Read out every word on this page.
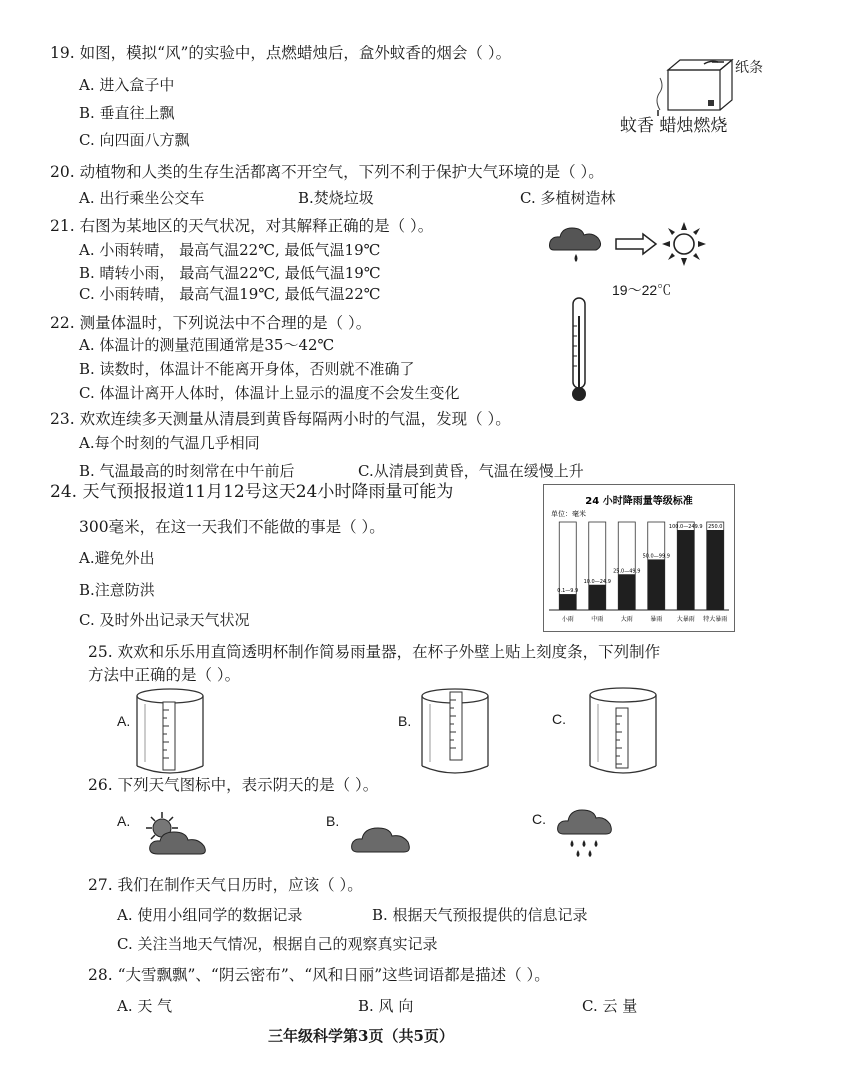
19. 如图，模拟“风”的实验中，点燃蜡烛后，盒外蚊香的烟会（ ）。
A. 进入盒子中
B. 垂直往上飘
C. 向四面八方飘
纸条
蚊香 蜡烛燃烧
20. 动植物和人类的生存生活都离不开空气，下列不利于保护大气环境的是（ ）。
A. 出行乘坐公交车	B.焚烧垃圾	C. 多植树造林
21. 右图为某地区的天气状况，对其解释正确的是（ ）。
A. 小雨转晴， 最高气温22℃, 最低气温19℃
B. 晴转小雨， 最高气温22℃, 最低气温19℃
C. 小雨转晴， 最高气温19℃, 最低气温22℃	19～22℃
22. 测量体温时，下列说法中不合理的是（ ）。
A. 体温计的测量范围通常是35～42℃
B. 读数时，体温计不能离开身体，否则就不准确了
C. 体温计离开人体时，体温计上显示的温度不会发生变化
23. 欢欢连续多天测量从清晨到黄昏每隔两小时的气温，发现（ ）。
A.每个时刻的气温几乎相同
B. 气温最高的时刻常在中午前后	C.从清晨到黄昏，气温在缓慢上升
24. 天气预报报道11月12号这天24小时降雨量可能为
300毫米，在这一天我们不能做的事是（ ）。
A.避免外出
B.注意防洪
C. 及时外出记录天气状况
24 小时降雨量等级标准
单位：毫米
0.1—9.9
小雨
10.0—24.9
中雨
25.0—49.9
大雨
50.0—99.9
暴雨
100.0—249.9
大暴雨
250.0
特大暴雨
25. 欢欢和乐乐用直筒透明杯制作简易雨量器，在杯子外壁上贴上刻度条，下列制作
方法中正确的是（ ）。
A.	B.	C.
26. 下列天气图标中，表示阴天的是（ ）。
A.	B.	C.
27. 我们在制作天气日历时，应该（ ）。
A. 使用小组同学的数据记录	B. 根据天气预报提供的信息记录
C. 关注当地天气情况，根据自己的观察真实记录
28. “大雪飘飘”、“阴云密布”、“风和日丽”这些词语都是描述（ ）。
A. 天 气	B. 风 向	C. 云 量
三年级科学第3页（共5页）
